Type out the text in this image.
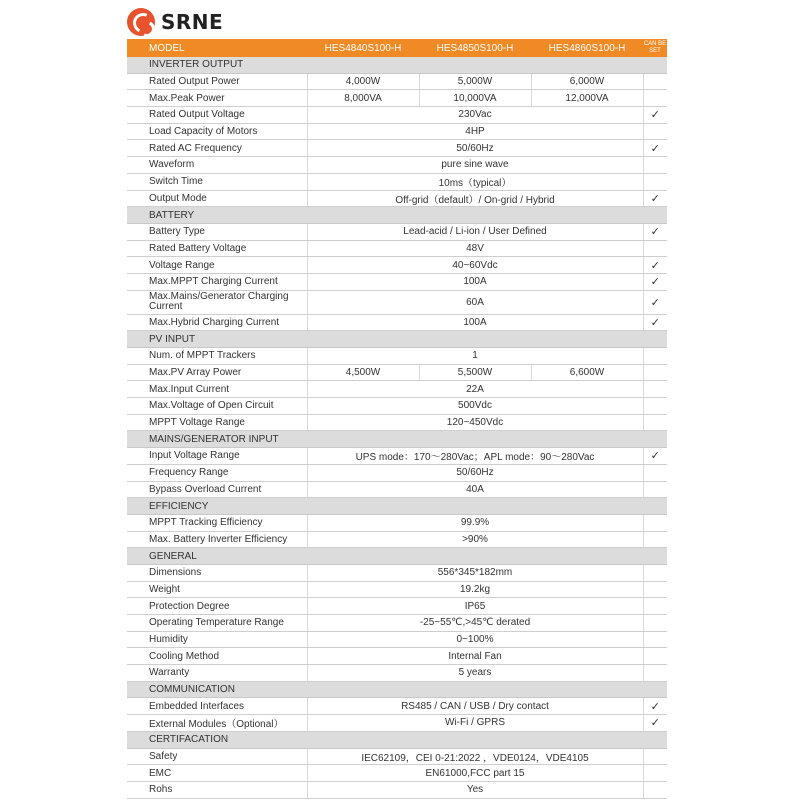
SRNE
MODEL	HES4840S100-H	HES4850S100-H	HES4860S100-H	CAN BE SET
INVERTER OUTPUT				
Rated Output Power	4,000W	5,000W	6,000W	
Max.Peak Power	8,000VA	10,000VA	12,000VA	
Rated Output Voltage	230Vac			✓
Load Capacity of Motors	4HP			
Rated AC Frequency	50/60Hz			✓
Waveform	pure sine wave			
Switch Time	10ms（typical）			
Output Mode	Off-grid（default）/ On-grid / Hybrid			✓
BATTERY				
Battery Type	Lead-acid / Li-ion / User Defined			✓
Rated Battery Voltage	48V			
Voltage Range	40~60Vdc			✓
Max.MPPT Charging Current	100A			✓
Max.Mains/Generator Charging Current	60A			✓
Max.Hybrid Charging Current	100A			✓
PV INPUT				
Num. of MPPT Trackers	1			
Max.PV Array Power	4,500W	5,500W	6,600W	
Max.Input Current	22A			
Max.Voltage of Open Circuit	500Vdc			
MPPT Voltage Range	120~450Vdc			
MAINS/GENERATOR INPUT				
Input Voltage Range	UPS mode：170～280Vac；APL mode：90～280Vac			✓
Frequency Range	50/60Hz			
Bypass Overload Current	40A			
EFFICIENCY				
MPPT Tracking Efficiency	99.9%			
Max. Battery Inverter Efficiency	>90%			
GENERAL				
Dimensions	556*345*182mm			
Weight	19.2kg			
Protection Degree	IP65			
Operating Temperature Range	-25~55℃,>45℃ derated			
Humidity	0~100%			
Cooling Method	Internal Fan			
Warranty	5 years			
COMMUNICATION				
Embedded Interfaces	RS485 / CAN / USB / Dry contact			✓
External Modules（Optional）	Wi-Fi / GPRS			✓
CERTIFACATION				
Safety	IEC62109，CEI 0-21:2022 ，VDE0124，VDE4105			
EMC	EN61000,FCC part 15			
Rohs	Yes			
